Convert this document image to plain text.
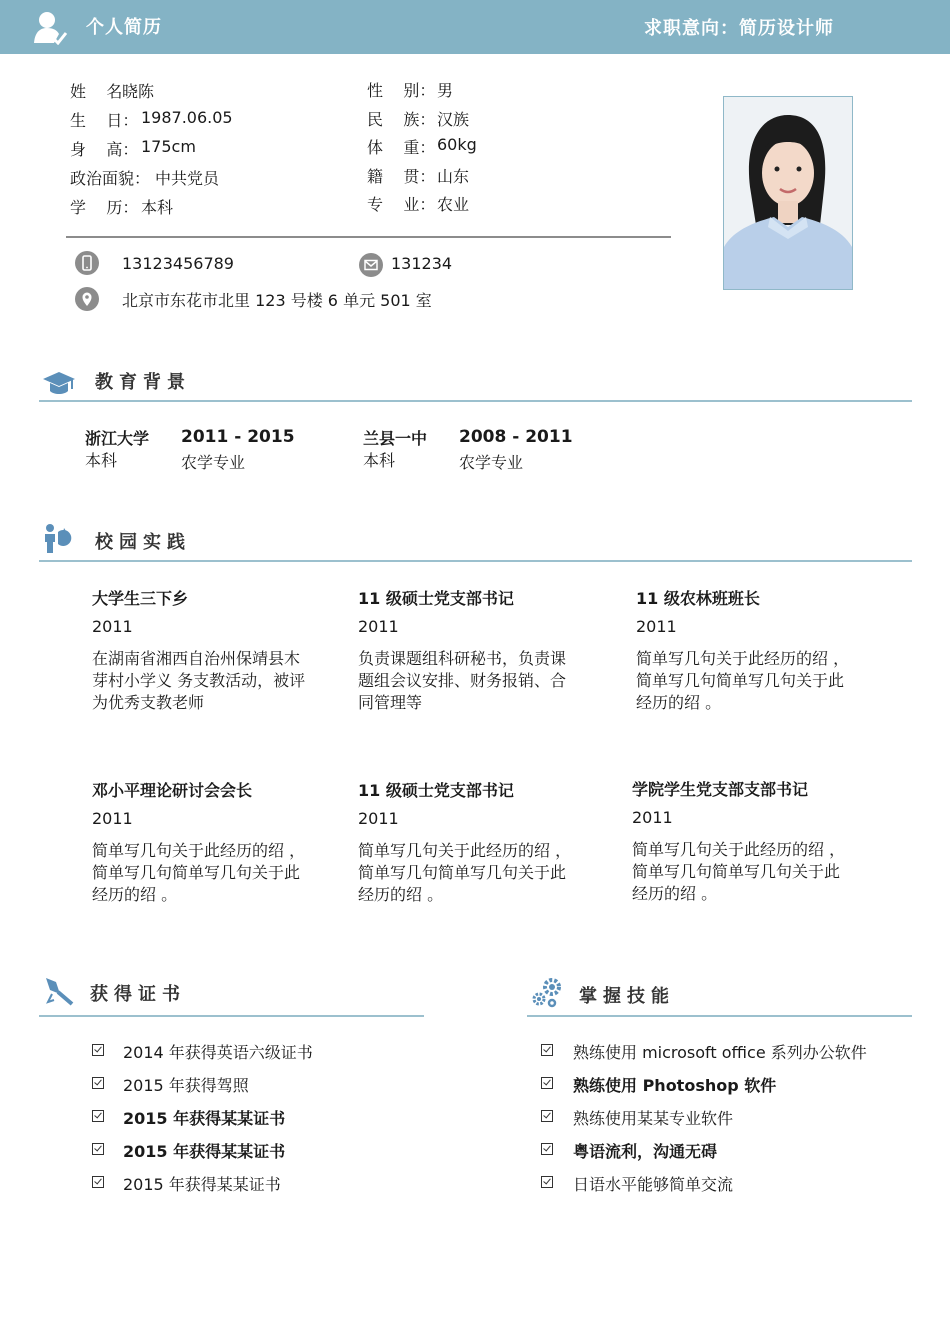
个人简历	求职意向：简历设计师
姓    名 晓陈
生    日： 1987.06.05
身    高： 175cm
政治面貌： 中共党员
学    历： 本科
性    别： 男
民    族： 汉族
体    重： 60kg
籍    贯： 山东
专    业： 农业
13123456789	131234
北京市东花市北里 123 号楼 6 单元 501 室
教育背景
浙江大学
本科
2011 - 2015
农学专业
兰县一中
本科
2008 - 2011
农学专业
校园实践
大学生三下乡
2011
在湖南省湘西自治州保靖县木芽村小学义 务支教活动，被评为优秀支教老师
11 级硕士党支部书记
2011
负责课题组科研秘书，负责课题组会议安排、财务报销、合同管理等
11 级农林班班长
2011
简单写几句关于此经历的绍 ， 简单写几句简单写几句关于此经历的绍 。
邓小平理论研讨会会长
2011
简单写几句关于此经历的绍 ， 简单写几句简单写几句关于此经历的绍 。
11 级硕士党支部书记
2011
简单写几句关于此经历的绍 ， 简单写几句简单写几句关于此经历的绍 。
学院学生党支部支部书记
2011
简单写几句关于此经历的绍 ， 简单写几句简单写几句关于此经历的绍 。
获得证书
2014 年获得英语六级证书
2015 年获得驾照
2015 年获得某某证书
2015 年获得某某证书
2015 年获得某某证书
掌握技能
熟练使用 microsoft office 系列办公软件
熟练使用 Photoshop 软件
熟练使用某某专业软件
粤语流利，沟通无碍
日语水平能够简单交流
